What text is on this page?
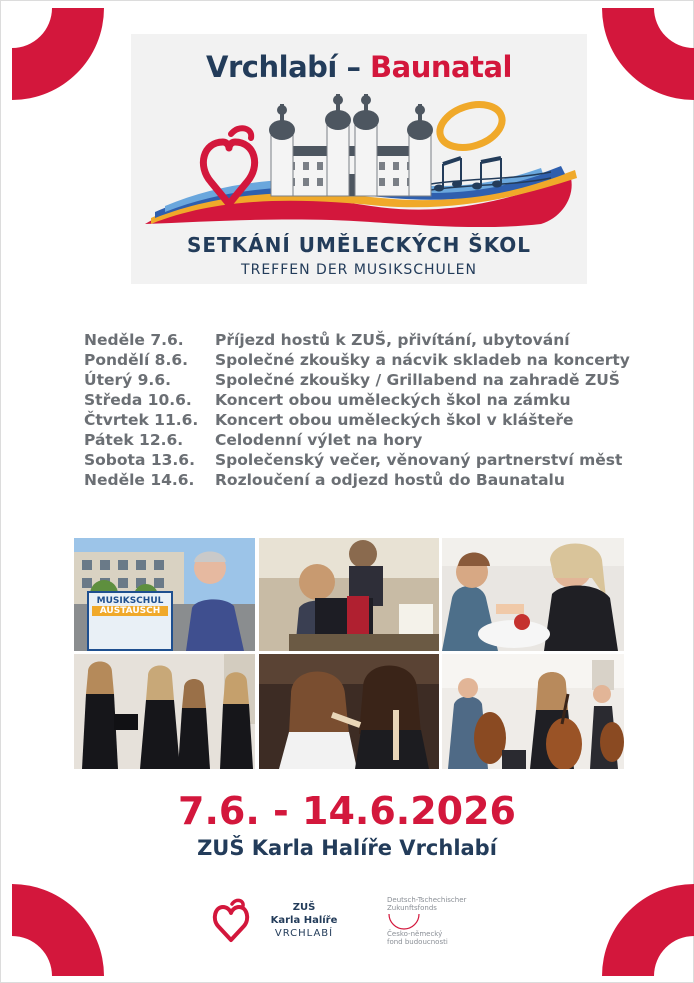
Vrchlabí – Baunatal
SETKÁNÍ UMĚLECKÝCH ŠKOL
TREFFEN DER MUSIKSCHULEN
Neděle 7.6.	Příjezd hostů k ZUŠ, přivítání, ubytování
Pondělí 8.6.	Společné zkoušky a nácvik skladeb na koncerty
Úterý 9.6.	Společné zkoušky / Grillabend na zahradě ZUŠ
Středa 10.6.	Koncert obou uměleckých škol na zámku
Čtvrtek 11.6.	Koncert obou uměleckých škol v klášteře
Pátek 12.6.	Celodenní výlet na hory
Sobota 13.6.	Společenský večer, věnovaný partnerství měst
Neděle 14.6.	Rozloučení a odjezd hostů do Baunatalu
MUSIKSCHUL
AUSTAUSCH
7.6. - 14.6.2026
ZUŠ Karla Halíře Vrchlabí
ZUŠ
Karla Halíře
VRCHLABÍ
Deutsch-Tschechischer
Zukunftsfonds
Česko-německý
fond budoucnosti
